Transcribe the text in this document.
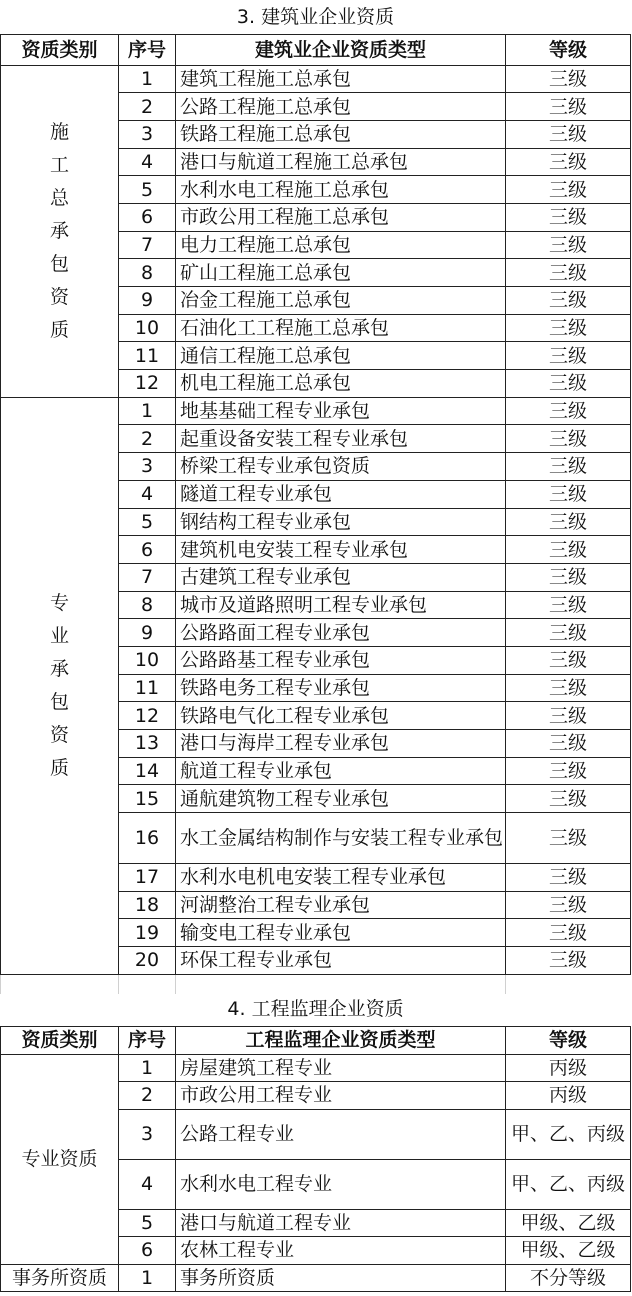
3. 建筑业企业资质			
资质类别	序号	建筑业企业资质类型	等级
施工总承包资质	1	建筑工程施工总承包	三级
	2	公路工程施工总承包	三级
	3	铁路工程施工总承包	三级
	4	港口与航道工程施工总承包	三级
	5	水利水电工程施工总承包	三级
	6	市政公用工程施工总承包	三级
	7	电力工程施工总承包	三级
	8	矿山工程施工总承包	三级
	9	冶金工程施工总承包	三级
	10	石油化工工程施工总承包	三级
	11	通信工程施工总承包	三级
	12	机电工程施工总承包	三级
专业承包资质	1	地基基础工程专业承包	三级
	2	起重设备安装工程专业承包	三级
	3	桥梁工程专业承包资质	三级
	4	隧道工程专业承包	三级
	5	钢结构工程专业承包	三级
	6	建筑机电安装工程专业承包	三级
	7	古建筑工程专业承包	三级
	8	城市及道路照明工程专业承包	三级
	9	公路路面工程专业承包	三级
	10	公路路基工程专业承包	三级
	11	铁路电务工程专业承包	三级
	12	铁路电气化工程专业承包	三级
	13	港口与海岸工程专业承包	三级
	14	航道工程专业承包	三级
	15	通航建筑物工程专业承包	三级
	16	水工金属结构制作与安装工程专业承包	三级
	17	水利水电机电安装工程专业承包	三级
	18	河湖整治工程专业承包	三级
	19	输变电工程专业承包	三级
	20	环保工程专业承包	三级

4. 工程监理企业资质			
资质类别	序号	工程监理企业资质类型	等级
专业资质	1	房屋建筑工程专业	丙级
	2	市政公用工程专业	丙级
	3	公路工程专业	甲、乙、丙级
	4	水利水电工程专业	甲、乙、丙级
	5	港口与航道工程专业	甲级、乙级
	6	农林工程专业	甲级、乙级
事务所资质	1	事务所资质	不分等级
